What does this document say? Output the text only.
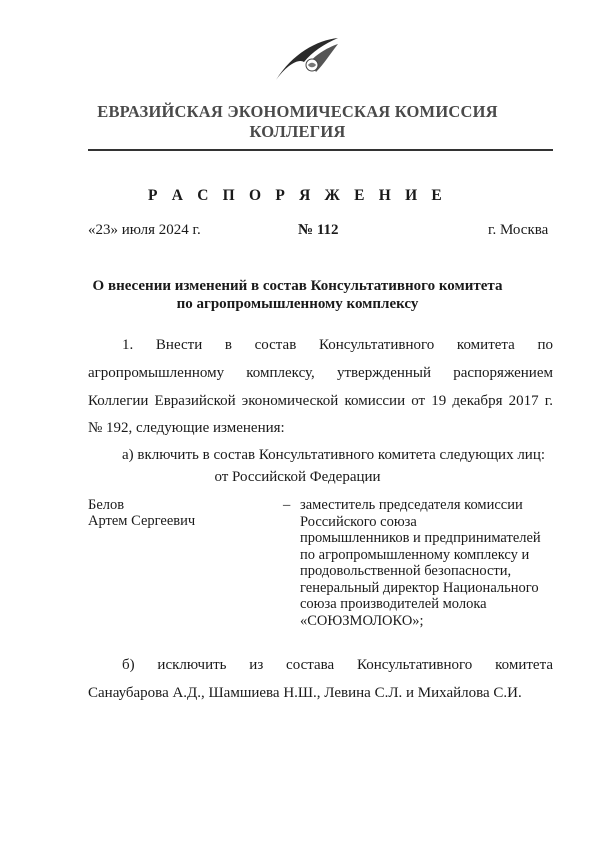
ЕВРАЗИЙСКАЯ ЭКОНОМИЧЕСКАЯ КОМИССИЯ
КОЛЛЕГИЯ
Р А С П О Р Я Ж Е Н И Е
«23» июля 2024 г.	№ 112	г. Москва
О внесении изменений в состав Консультативного комитета
по агропромышленному комплексу
1. Внести в состав Консультативного комитета по
агропромышленному комплексу, утвержденный распоряжением
Коллегии Евразийской экономической комиссии от 19 декабря 2017 г.
№ 192, следующие изменения:
а) включить в состав Консультативного комитета следующих лиц:
от Российской Федерации
Белов
Артем Сергеевич
– заместитель председателя комиссии
Российского союза
промышленников и предпринимателей
по агропромышленному комплексу и
продовольственной безопасности,
генеральный директор Национального
союза производителей молока
«СОЮЗМОЛОКО»;
б) исключить из состава Консультативного комитета
Санаубарова А.Д., Шамшиева Н.Ш., Левина С.Л. и Михайлова С.И.
